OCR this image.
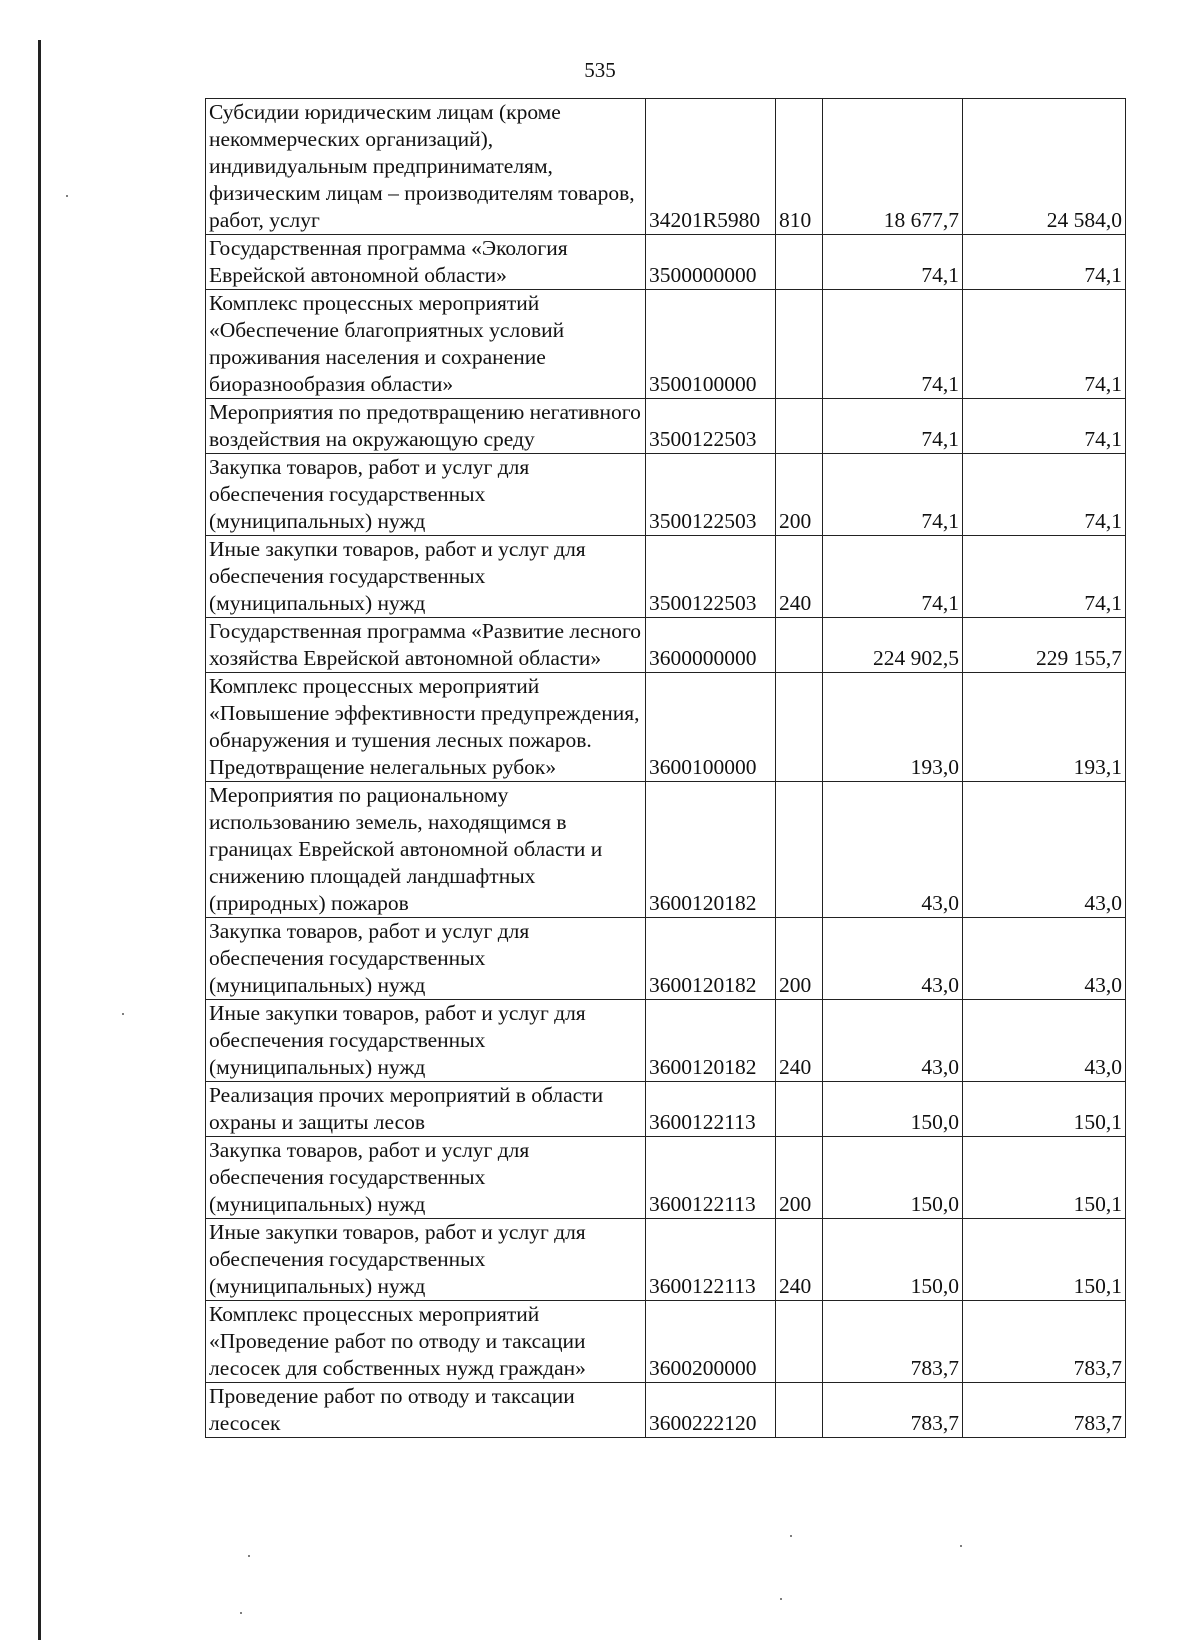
535
Субсидии юридическим лицам (кроме некоммерческих организаций), индивидуальным предпринимателям, физическим лицам – производителям товаров, работ, услуг	34201R5980	810	18 677,7	24 584,0
Государственная программа «Экология Еврейской автономной области»	3500000000		74,1	74,1
Комплекс процессных мероприятий «Обеспечение благоприятных условий проживания населения и сохранение биоразнообразия области»	3500100000		74,1	74,1
Мероприятия по предотвращению негативного воздействия на окружающую среду	3500122503		74,1	74,1
Закупка товаров, работ и услуг для обеспечения государственных (муниципальных) нужд	3500122503	200	74,1	74,1
Иные закупки товаров, работ и услуг для обеспечения государственных (муниципальных) нужд	3500122503	240	74,1	74,1
Государственная программа «Развитие лесного хозяйства Еврейской автономной области»	3600000000		224 902,5	229 155,7
Комплекс процессных мероприятий «Повышение эффективности предупреждения, обнаружения и тушения лесных пожаров. Предотвращение нелегальных рубок»	3600100000		193,0	193,1
Мероприятия по рациональному использованию земель, находящимся в границах Еврейской автономной области и снижению площадей ландшафтных (природных) пожаров	3600120182		43,0	43,0
Закупка товаров, работ и услуг для обеспечения государственных (муниципальных) нужд	3600120182	200	43,0	43,0
Иные закупки товаров, работ и услуг для обеспечения государственных (муниципальных) нужд	3600120182	240	43,0	43,0
Реализация прочих мероприятий в области охраны и защиты лесов	3600122113		150,0	150,1
Закупка товаров, работ и услуг для обеспечения государственных (муниципальных) нужд	3600122113	200	150,0	150,1
Иные закупки товаров, работ и услуг для обеспечения государственных (муниципальных) нужд	3600122113	240	150,0	150,1
Комплекс процессных мероприятий «Проведение работ по отводу и таксации лесосек для собственных нужд граждан»	3600200000		783,7	783,7
Проведение работ по отводу и таксации лесосек	3600222120		783,7	783,7
